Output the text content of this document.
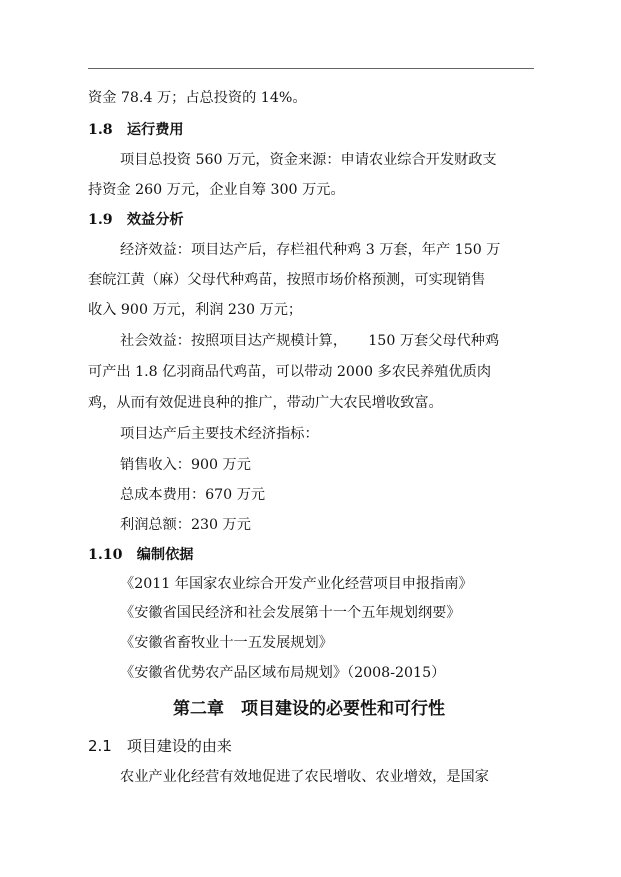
资金 78.4 万；占总投资的 14%。
1.8　运行费用
项目总投资 560 万元，资金来源：申请农业综合开发财政支
持资金 260 万元，企业自筹 300 万元。
1.9　效益分析
经济效益：项目达产后，存栏祖代种鸡 3 万套，年产 150 万
套皖江黄（麻）父母代种鸡苗，按照市场价格预测，可实现销售
收入 900 万元，利润 230 万元；
社会效益：按照项目达产规模计算，　　150 万套父母代种鸡
可产出 1.8 亿羽商品代鸡苗，可以带动 2000 多农民养殖优质肉
鸡，从而有效促进良种的推广，带动广大农民增收致富。
项目达产后主要技术经济指标：
销售收入：900 万元
总成本费用：670 万元
利润总额：230 万元
1.10　编制依据
《2011 年国家农业综合开发产业化经营项目申报指南》
《安徽省国民经济和社会发展第十一个五年规划纲要》
《安徽省畜牧业十一五发展规划》
《安徽省优势农产品区域布局规划》（2008-2015）
第二章　项目建设的必要性和可行性
2.1　项目建设的由来
农业产业化经营有效地促进了农民增收、农业增效，是国家
